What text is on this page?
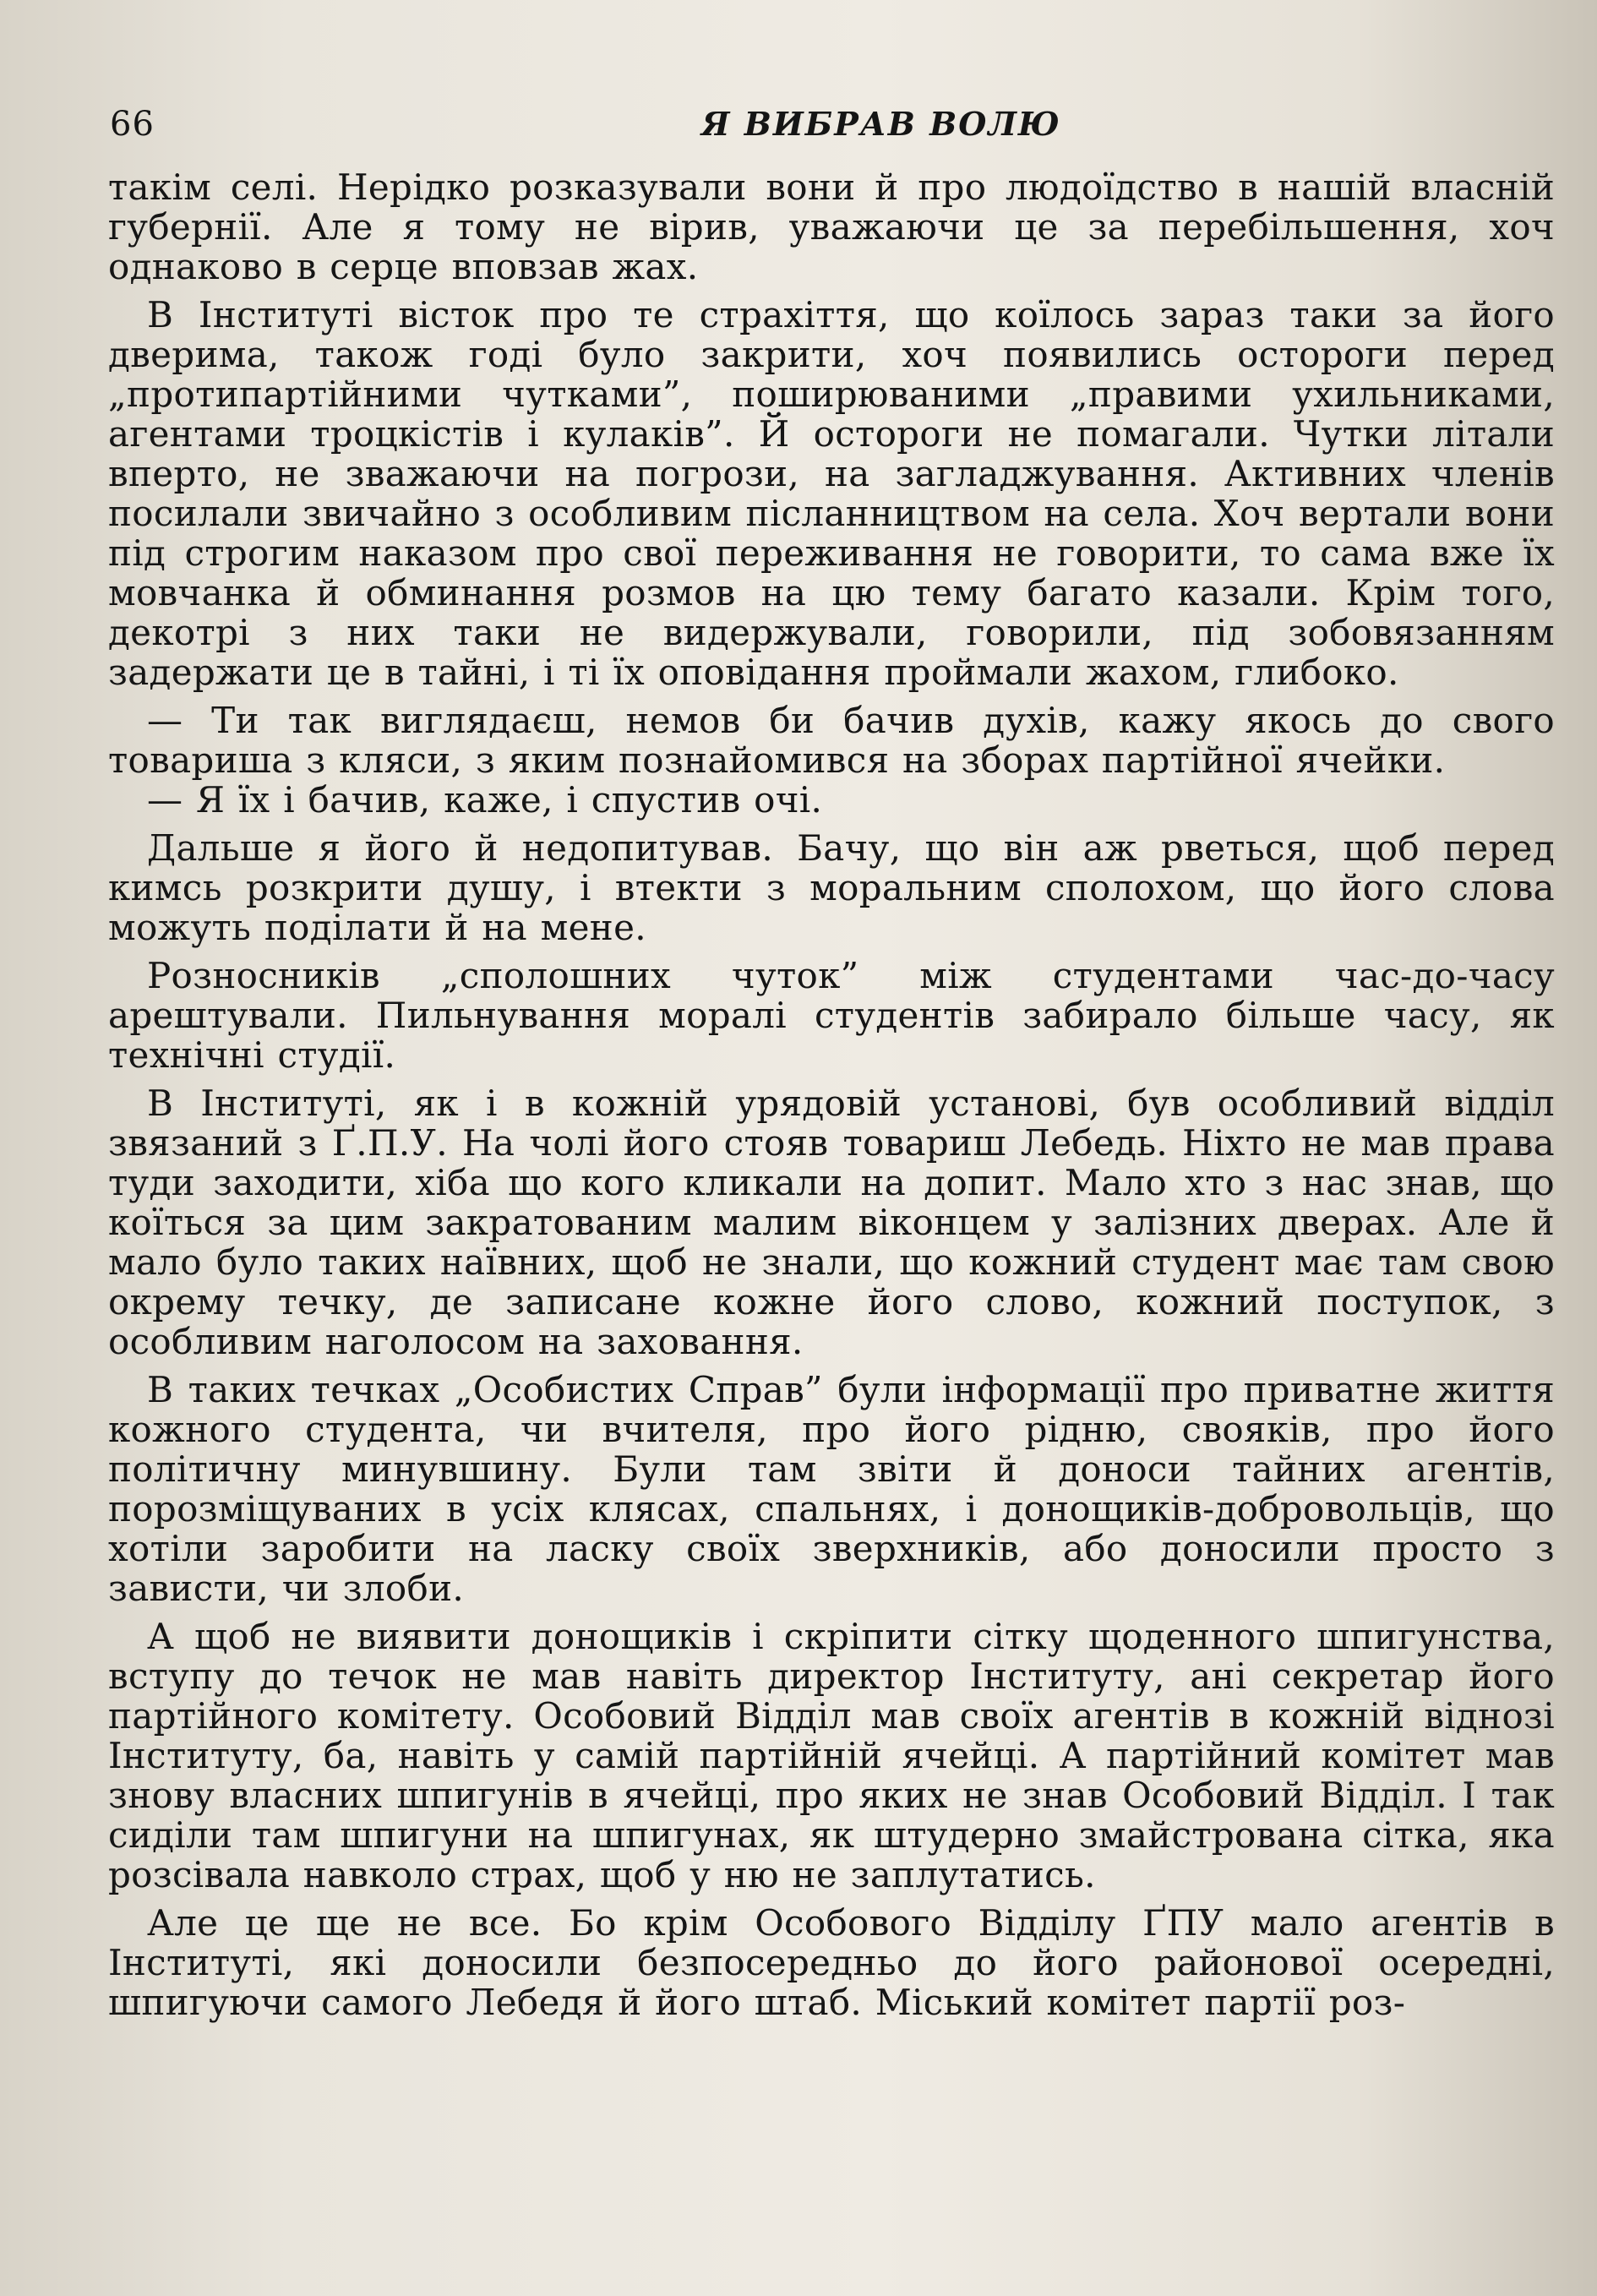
66	Я ВИБРАВ ВОЛЮ

такім селі. Нерідко розказували вони й про людоїдство в нашій власній губернії. Але я тому не вірив, уважаючи це за перебільшення, хоч однаково в серце вповзав жах.

В Інституті вісток про те страхіття, що коїлось зараз таки за його дверима, також годі було закрити, хоч появились остороги перед „протипартійними чутками”, поширюваними „правими ухильниками, агентами троцкістів і кулаків”. Й остороги не помагали. Чутки літали вперто, не зважаючи на погрози, на загладжування. Активних членів посилали звичайно з особливим післанництвом на села. Хоч вертали вони під строгим наказом про свої переживання не говорити, то сама вже їх мовчанка й обминання розмов на цю тему багато казали. Крім того, декотрі з них таки не видержували, говорили, під зобовязанням задержати це в тайні, і ті їх оповідання проймали жахом, глибоко.

— Ти так виглядаєш, немов би бачив духів, кажу якось до свого товариша з кляси, з яким познайомився на зборах партійної ячейки.

— Я їх і бачив, каже, і спустив очі.

Дальше я його й недопитував. Бачу, що він аж рветься, щоб перед кимсь розкрити душу, і втекти з моральним сполохом, що його слова можуть поділати й на мене.

Розносників „сполошних чуток” між студентами час-до-часу арештували. Пильнування моралі студентів забирало більше часу, як технічні студії.

В Інституті, як і в кожній урядовій установі, був особливий відділ звязаний з Ґ.П.У. На чолі його стояв товариш Лебедь. Ніхто не мав права туди заходити, хіба що кого кликали на допит. Мало хто з нас знав, що коїться за цим закратованим малим віконцем у залізних дверах. Але й мало було таких наївних, щоб не знали, що кожний студент має там свою окрему течку, де записане кожне його слово, кожний поступок, з особливим наголосом на заховання.

В таких течках „Особистих Справ” були інформації про приватне життя кожного студента, чи вчителя, про його рідню, свояків, про його політичну минувшину. Були там звіти й доноси тайних агентів, порозміщуваних в усіх клясах, спальнях, і донощиків-добровольців, що хотіли заробити на ласку своїх зверхників, або доносили просто з зависти, чи злоби.

А щоб не виявити донощиків і скріпити сітку щоденного шпигунства, вступу до течок не мав навіть директор Інституту, ані секретар його партійного комітету. Особовий Відділ мав своїх агентів в кожній віднозі Інституту, ба, навіть у самій партійній ячейці. А партійний комітет мав знову власних шпигунів в ячейці, про яких не знав Особовий Відділ. І так сиділи там шпигуни на шпигунах, як штудерно змайстрована сітка, яка розсівала навколо страх, щоб у ню не заплутатись.

Але це ще не все. Бо крім Особового Відділу ҐПУ мало агентів в Інституті, які доносили безпосередньо до його районової осередні, шпигуючи самого Лебедя й його штаб. Міський комітет партії роз-
